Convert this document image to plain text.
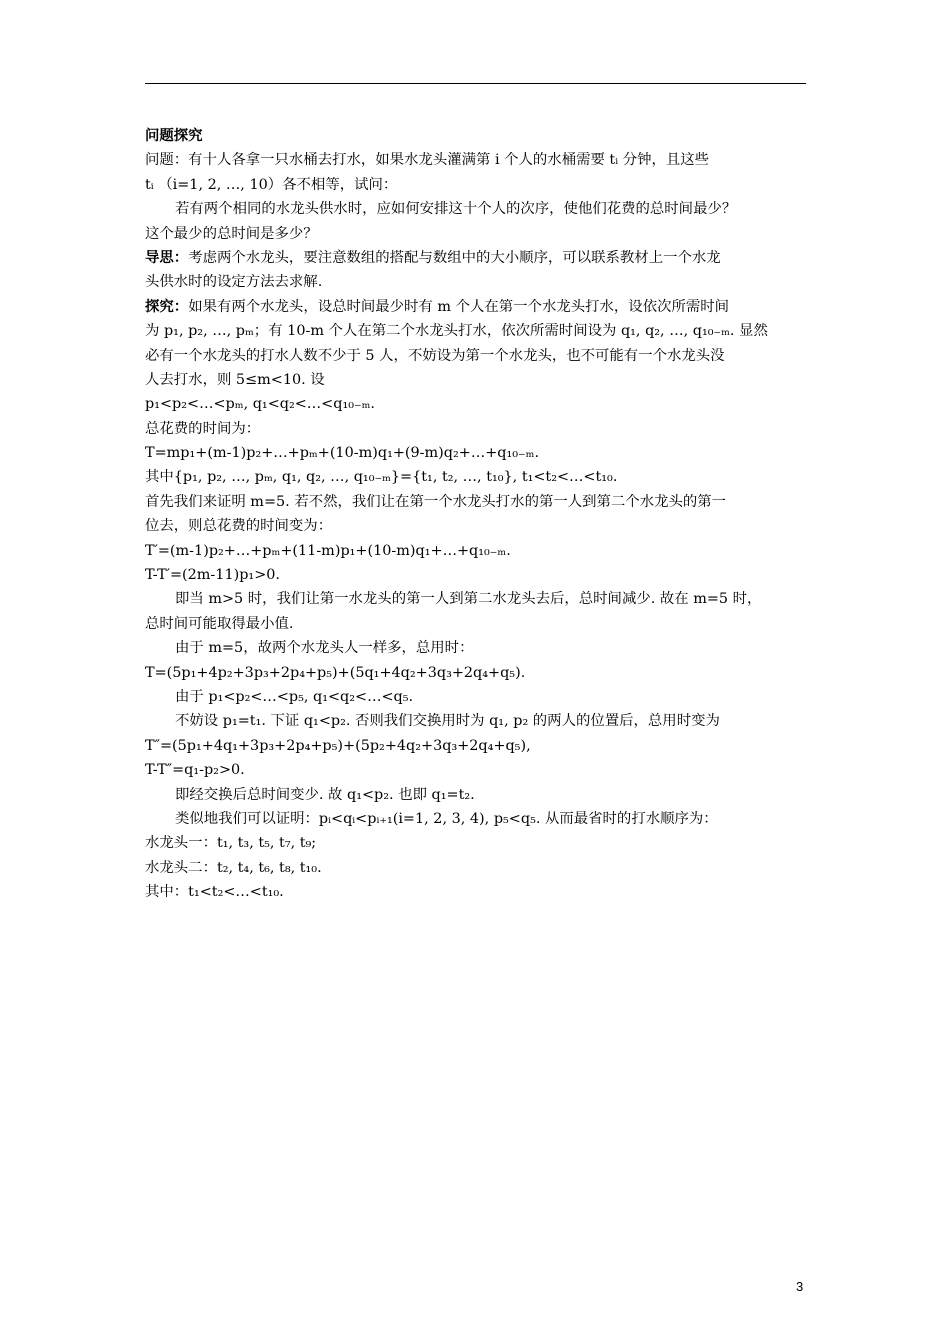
问题探究
问题：有十人各拿一只水桶去打水，如果水龙头灌满第 i 个人的水桶需要 tᵢ 分钟，且这些
tᵢ （i=1, 2, …, 10）各不相等，试问：
若有两个相同的水龙头供水时，应如何安排这十个人的次序，使他们花费的总时间最少？
这个最少的总时间是多少？
导思：考虑两个水龙头，要注意数组的搭配与数组中的大小顺序，可以联系教材上一个水龙
头供水时的设定方法去求解.
探究：如果有两个水龙头，设总时间最少时有 m 个人在第一个水龙头打水，设依次所需时间
为 p₁, p₂, …, pₘ；有 10-m 个人在第二个水龙头打水，依次所需时间设为 q₁, q₂, …, q₁₀₋ₘ. 显然
必有一个水龙头的打水人数不少于 5 人，不妨设为第一个水龙头，也不可能有一个水龙头没
人去打水，则 5≤m<10. 设
p₁<p₂<…<pₘ, q₁<q₂<…<q₁₀₋ₘ.
总花费的时间为：
T=mp₁+(m-1)p₂+…+pₘ+(10-m)q₁+(9-m)q₂+…+q₁₀₋ₘ.
其中{p₁, p₂, …, pₘ, q₁, q₂, …, q₁₀₋ₘ}={t₁, t₂, …, t₁₀}, t₁<t₂<…<t₁₀.
首先我们来证明 m=5. 若不然，我们让在第一个水龙头打水的第一人到第二个水龙头的第一
位去，则总花费的时间变为：
T′=(m-1)p₂+…+pₘ+(11-m)p₁+(10-m)q₁+…+q₁₀₋ₘ.
T-T′=(2m-11)p₁>0.
即当 m>5 时，我们让第一水龙头的第一人到第二水龙头去后，总时间减少. 故在 m=5 时，
总时间可能取得最小值.
由于 m=5，故两个水龙头人一样多，总用时：
T=(5p₁+4p₂+3p₃+2p₄+p₅)+(5q₁+4q₂+3q₃+2q₄+q₅).
由于 p₁<p₂<…<p₅, q₁<q₂<…<q₅.
不妨设 p₁=t₁. 下证 q₁<p₂. 否则我们交换用时为 q₁, p₂ 的两人的位置后，总用时变为
T″=(5p₁+4q₁+3p₃+2p₄+p₅)+(5p₂+4q₂+3q₃+2q₄+q₅),
T-T″=q₁-p₂>0.
即经交换后总时间变少. 故 q₁<p₂. 也即 q₁=t₂.
类似地我们可以证明：pᵢ<qᵢ<pᵢ₊₁(i=1, 2, 3, 4), p₅<q₅. 从而最省时的打水顺序为：
水龙头一：t₁, t₃, t₅, t₇, t₉;
水龙头二：t₂, t₄, t₆, t₈, t₁₀.
其中：t₁<t₂<…<t₁₀.
3
